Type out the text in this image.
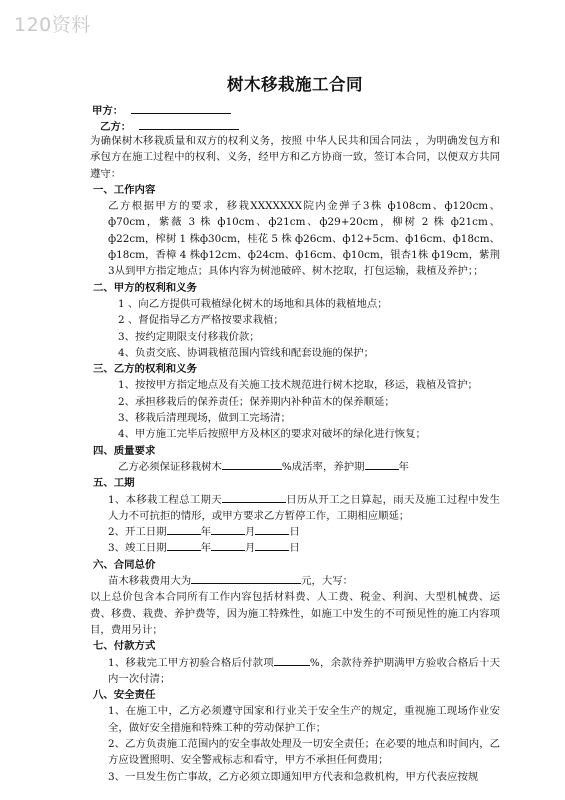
120资料
树木移栽施工合同
甲方：
乙方：
为确保树木移栽质量和双方的权利义务，按照 中华人民共和国合同法 ，为明确发包方和承包方在施工过程中的权利、义务，经甲方和乙方协商一致，签订本合同，以便双方共同遵守：
一、工作内容
乙方根据甲方的要求，移栽XXXXXXX院内金弹子3株 ф108cm、ф120cm、ф70cm，紫薇 3 株 ф10cm、ф21cm、ф29+20cm，柳树 2 株 ф21cm、ф22cm，榨树 1 株ф30cm，桂花 5 株 ф26cm、ф12+5cm、ф16cm、ф18cm、ф18cm，香樟 4 株ф12cm、ф24cm、ф16cm、ф10cm，银杏1株 ф19cm，紫荆3从到甲方指定地点；具体内容为树池破碎、树木挖取，打包运输，栽植及养护；；
二、甲方的权利和义务
1 、向乙方提供可栽植绿化树木的场地和具体的栽植地点；
2 、督促指导乙方严格按要求栽植；
3、按约定期限支付移栽价款；
4、负责交底、协调栽植范围内管线和配套设施的保护；
三、乙方的权利和义务
1、按按甲方指定地点及有关施工技术规范进行树木挖取，移运，栽植及管护；
2、承担移栽后的保养责任；保养期内补种苗木的保养顺延；
3、移栽后清理现场，做到工完场清；
4、甲方施工完毕后按照甲方及林区的要求对破坏的绿化进行恢复；
四、质量要求
乙方必须保证移栽树木	%成活率，养护期	年
五、工期
1、本移栽工程总工期天	日历从开工之日算起，雨天及施工过程中发生人力不可抗拒的情形，或甲方要求乙方暂停工作，工期相应顺延；
2、开工日期	年	月	日
3、竣工日期	年	月	日
六、合同总价
苗木移栽费用大为	元，大写：
以上总价包含本合同所有工作内容包括材料费、人工费、税金、利润、大型机械费、运费、移费、栽费、养护费等，因为施工特殊性，如施工中发生的不可预见性的施工内容项目，费用另计；
七、付款方式
1、移栽完工甲方初验合格后付款项	%，余款待养护期满甲方验收合格后十天内一次付清；
八、安全责任
1、在施工中，乙方必须遵守国家和行业关于安全生产的规定，重视施工现场作业安全，做好安全措施和特殊工种的劳动保护工作；
2、乙方负责施工范围内的安全事故处理及一切安全责任；在必要的地点和时间内，乙方应设置照明、安全警戒标志和看守，甲方不承担任何费用；
3、一旦发生伤亡事故，乙方必须立即通知甲方代表和急救机构，甲方代表应按规
